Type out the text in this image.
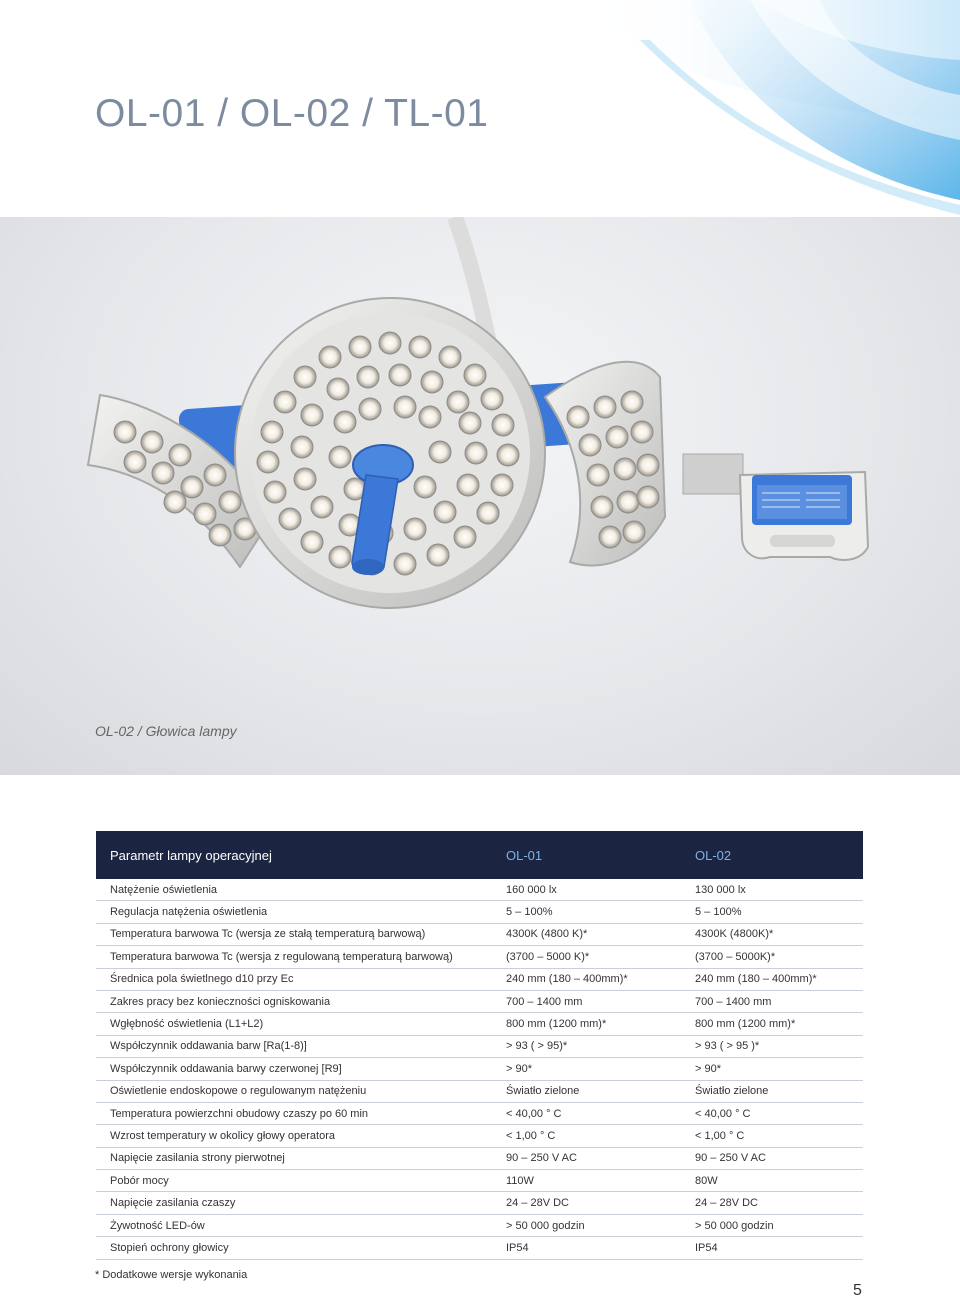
OL-01 / OL-02 / TL-01
OL-02 / Głowica lampy
Parametr lampy operacyjnej	OL-01	OL-02
Natężenie oświetlenia	160 000 lx	130 000 lx
Regulacja natężenia oświetlenia	5 – 100%	5 – 100%
Temperatura barwowa Tc (wersja ze stałą temperaturą barwową)	4300K (4800 K)*	4300K (4800K)*
Temperatura barwowa Tc (wersja z regulowaną temperaturą barwową)	(3700 – 5000 K)*	(3700 – 5000K)*
Średnica pola świetlnego d10 przy Ec	240 mm (180 – 400mm)*	240 mm (180 – 400mm)*
Zakres pracy bez konieczności ogniskowania	700 – 1400 mm	700 – 1400 mm
Wgłębność oświetlenia (L1+L2)	800 mm (1200 mm)*	800 mm (1200 mm)*
Współczynnik oddawania barw [Ra(1-8)]	> 93 ( > 95)*	> 93 ( > 95 )*
Współczynnik oddawania barwy czerwonej [R9]	> 90*	> 90*
Oświetlenie endoskopowe o regulowanym natężeniu	Światło zielone	Światło zielone
Temperatura powierzchni obudowy czaszy po 60 min	< 40,00 ° C	< 40,00 ° C
Wzrost temperatury w okolicy głowy operatora	< 1,00 ° C	< 1,00 ° C
Napięcie zasilania strony pierwotnej	90 – 250 V AC	90 – 250 V AC
Pobór mocy	110W	80W
Napięcie zasilania czaszy	24 – 28V DC	24 – 28V DC
Żywotność LED-ów	> 50 000 godzin	> 50 000 godzin
Stopień ochrony głowicy	IP54	IP54
* Dodatkowe wersje wykonania
5
